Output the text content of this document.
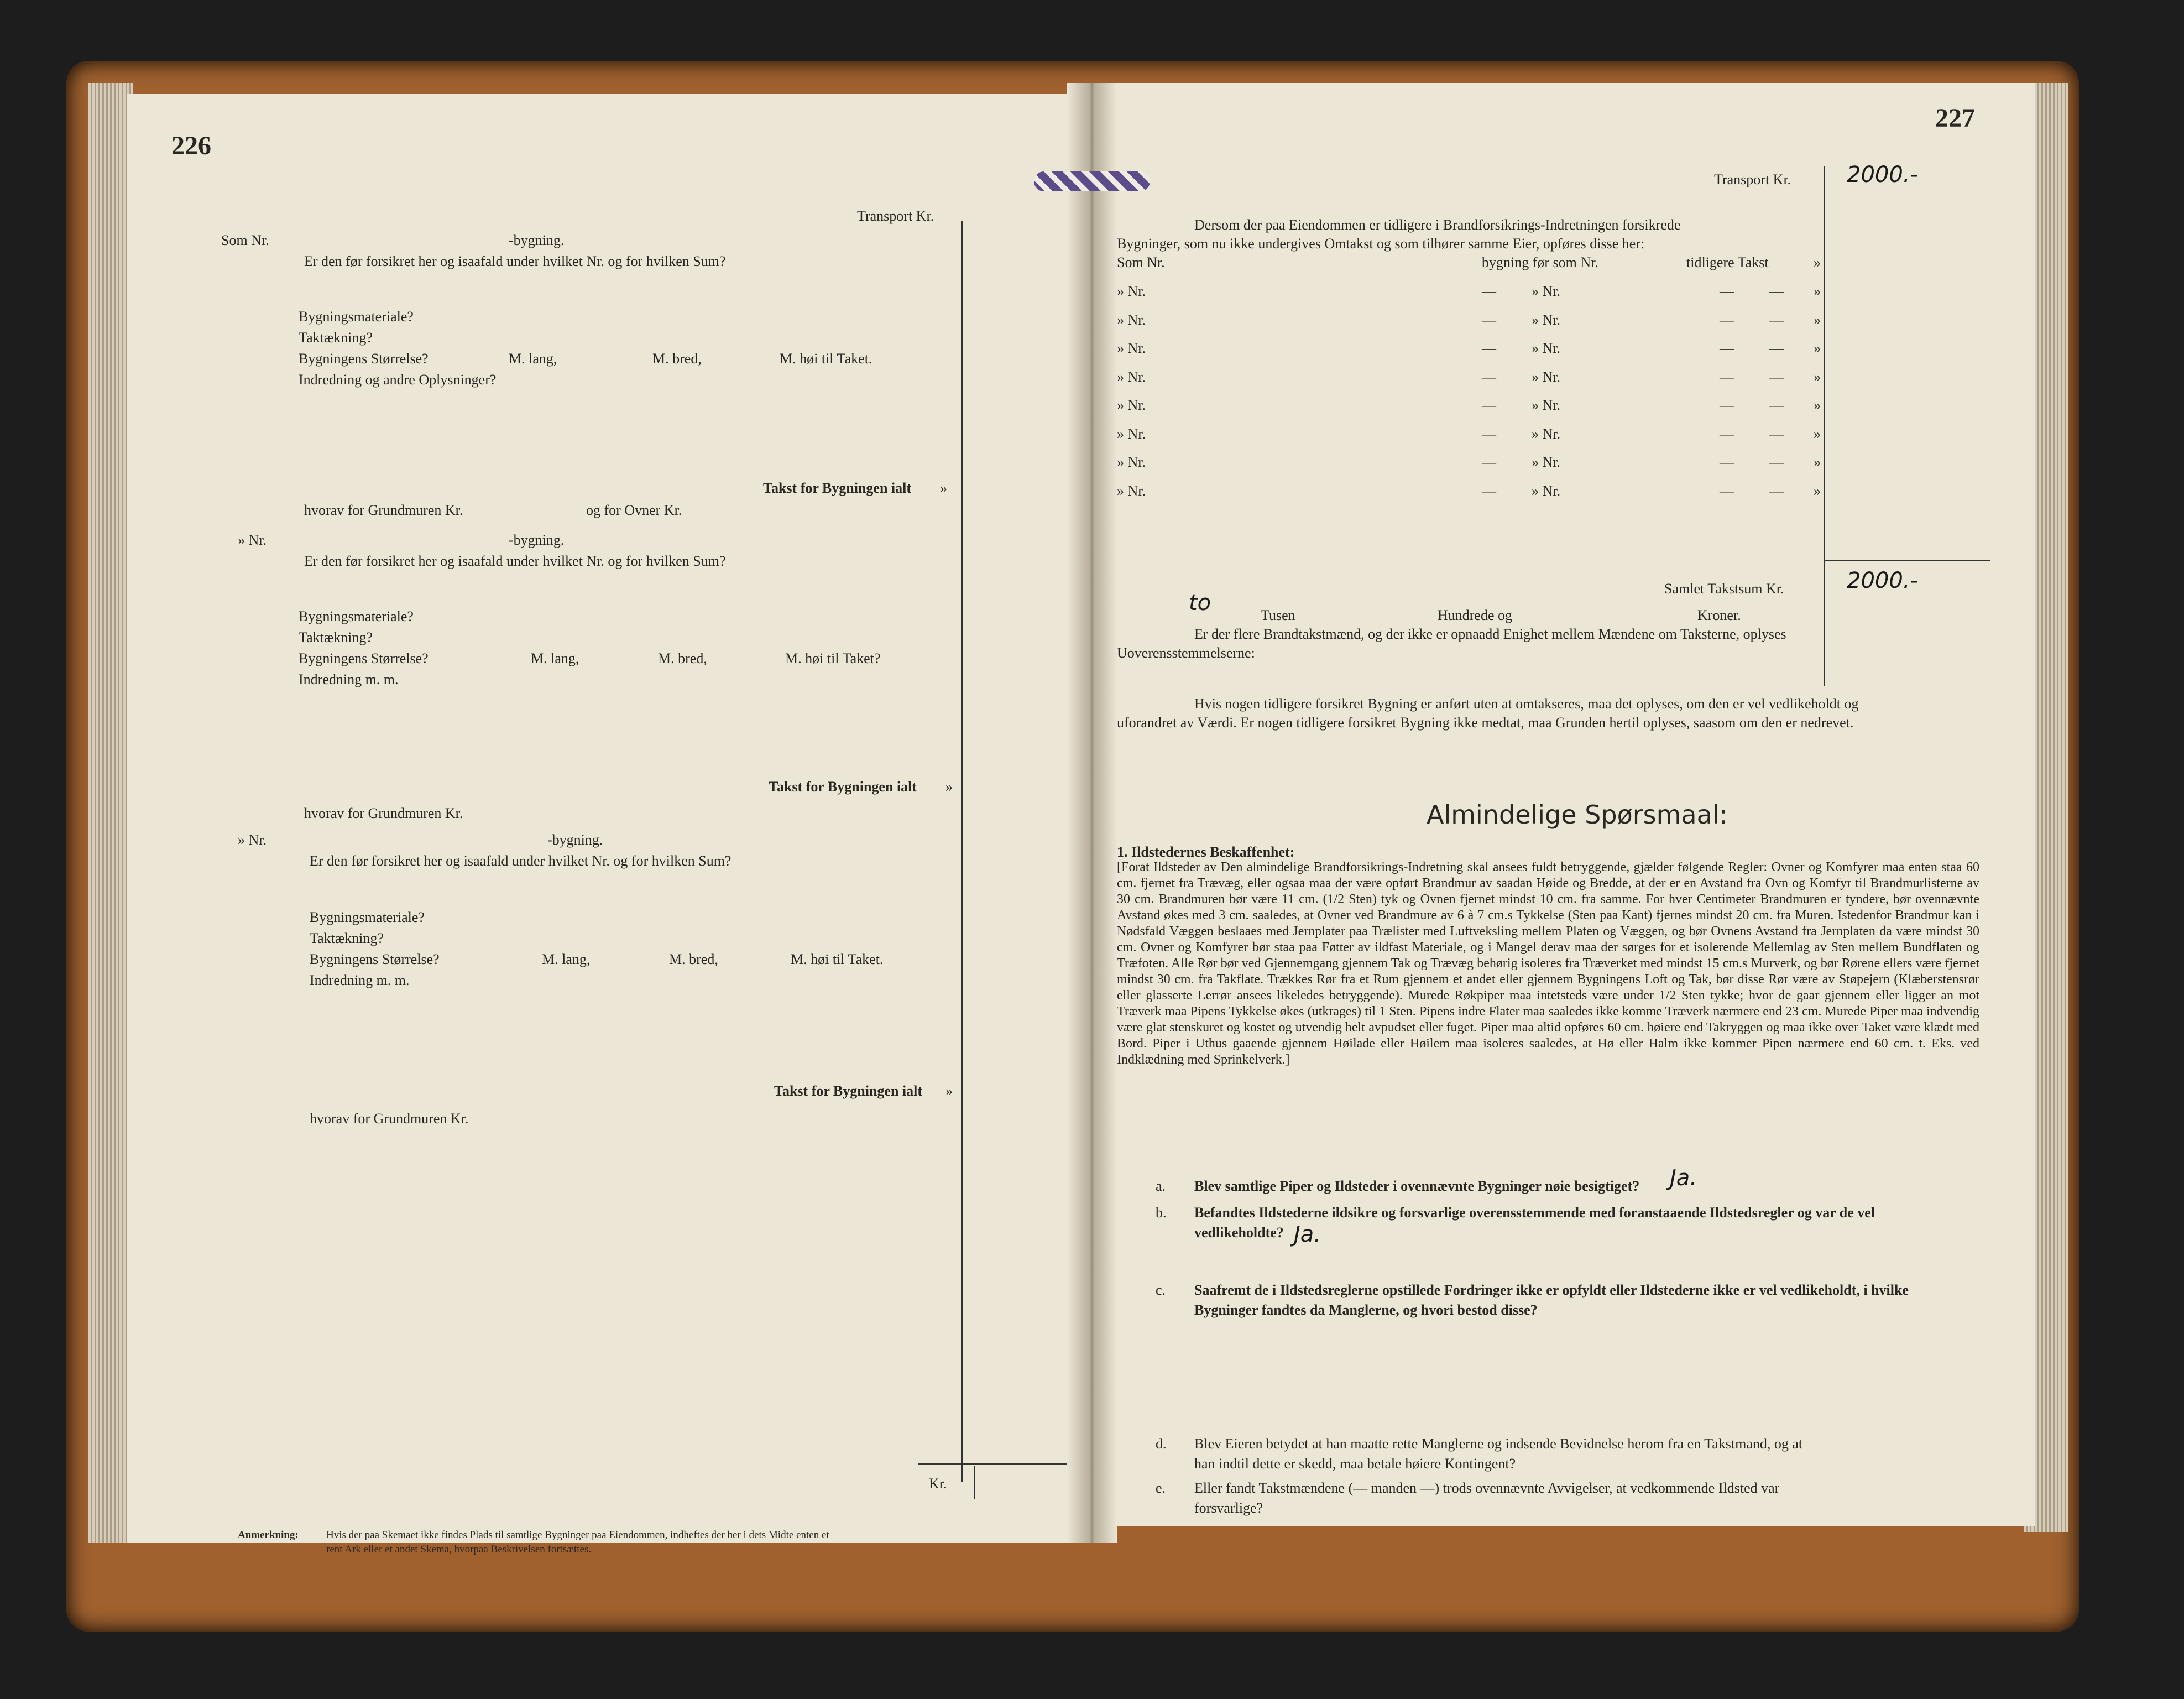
226
Transport Kr.
Som Nr.	-bygning.
Er den før forsikret her og isaafald under hvilket Nr. og for hvilken Sum?
Bygningsmateriale?
Taktækning?
Bygningens Størrelse?	M. lang,	M. bred,	M. høi til Taket.
Indredning og andre Oplysninger?
Takst for Bygningen ialt »
hvorav for Grundmuren Kr.	og for Ovner Kr.
» Nr.	-bygning.
Er den før forsikret her og isaafald under hvilket Nr. og for hvilken Sum?
Bygningsmateriale?
Taktækning?
Bygningens Størrelse?	M. lang,	M. bred,	M. høi til Taket?
Indredning m. m.
Takst for Bygningen ialt »
hvorav for Grundmuren Kr.
» Nr.	-bygning.
Er den før forsikret her og isaafald under hvilket Nr. og for hvilken Sum?
Bygningsmateriale?
Taktækning?
Bygningens Størrelse?	M. lang,	M. bred,	M. høi til Taket.
Indredning m. m.
Takst for Bygningen ialt »
hvorav for Grundmuren Kr.
Kr.
Anmerkning:	Hvis der paa Skemaet ikke findes Plads til samtlige Bygninger paa Eiendommen, indheftes der her i dets Midte enten et
rent Ark eller et andet Skema, hvorpaa Beskrivelsen fortsættes.
227
Transport Kr.	2000.-
Dersom der paa Eiendommen er tidligere i Brandforsikrings-Indretningen forsikrede
Bygninger, som nu ikke undergives Omtakst og som tilhører samme Eier, opføres disse her:
Som Nr.	bygning før som Nr.	tidligere Takst	»
» Nr.	— » Nr.	— — »
» Nr.	— » Nr.	— — »
» Nr.	— » Nr.	— — »
» Nr.	— » Nr.	— — »
» Nr.	— » Nr.	— — »
» Nr.	— » Nr.	— — »
» Nr.	— » Nr.	— — »
» Nr.	— » Nr.	— — »
Samlet Takstsum Kr.	2000.-
to	Tusen	Hundrede og	Kroner.
Er der flere Brandtakstmænd, og der ikke er opnaadd Enighet mellem Mændene om Taksterne, oplyses
Uoverensstemmelserne:
Hvis nogen tidligere forsikret Bygning er anført uten at omtakseres, maa det oplyses, om den er vel vedlikeholdt og
uforandret av Værdi. Er nogen tidligere forsikret Bygning ikke medtat, maa Grunden hertil oplyses, saasom om den er nedrevet.
Almindelige Spørsmaal:
1. Ildstedernes Beskaffenhet:
[Forat Ildsteder av Den almindelige Brandforsikrings-Indretning skal ansees fuldt betryggende, gjælder følgende Regler: Ovner og Komfyrer maa enten staa 60 cm. fjernet fra Trævæg, eller ogsaa maa der være opført Brandmur av saadan Høide og Bredde, at der er en Avstand fra Ovn og Komfyr til Brandmurlisterne av 30 cm. Brandmuren bør være 11 cm. (1/2 Sten) tyk og Ovnen fjernet mindst 10 cm. fra samme. For hver Centimeter Brandmuren er tyndere, bør ovennævnte Avstand økes med 3 cm. saaledes, at Ovner ved Brandmure av 6 à 7 cm.s Tykkelse (Sten paa Kant) fjernes mindst 20 cm. fra Muren. Istedenfor Brandmur kan i Nødsfald Væggen beslaaes med Jernplater paa Trælister med Luftveksling mellem Platen og Væggen, og bør Ovnens Avstand fra Jernplaten da være mindst 30 cm. Ovner og Komfyrer bør staa paa Føtter av ildfast Materiale, og i Mangel derav maa der sørges for et isolerende Mellemlag av Sten mellem Bundflaten og Træfoten. Alle Rør bør ved Gjennemgang gjennem Tak og Trævæg behørig isoleres fra Træverket med mindst 15 cm.s Murverk, og bør Rørene ellers være fjernet mindst 30 cm. fra Takflate. Trækkes Rør fra et Rum gjennem et andet eller gjennem Bygningens Loft og Tak, bør disse Rør være av Støpejern (Klæberstensrør eller glasserte Lerrør ansees likeledes betryggende). Murede Røkpiper maa intetsteds være under 1/2 Sten tykke; hvor de gaar gjennem eller ligger an mot Træverk maa Pipens Tykkelse økes (utkrages) til 1 Sten. Pipens indre Flater maa saaledes ikke komme Træverk nærmere end 23 cm. Murede Piper maa indvendig være glat stenskuret og kostet og utvendig helt avpudset eller fuget. Piper maa altid opføres 60 cm. høiere end Takryggen og maa ikke over Taket være klædt med Bord. Piper i Uthus gaaende gjennem Høilade eller Høilem maa isoleres saaledes, at Hø eller Halm ikke kommer Pipen nærmere end 60 cm. t. Eks. ved Indklædning med Sprinkelverk.]
a. Blev samtlige Piper og Ildsteder i ovennævnte Bygninger nøie besigtiget? Ja.
b. Befandtes Ildstederne ildsikre og forsvarlige overensstemmende med foranstaaende Ildstedsregler og var de vel
vedlikeholdte? Ja.
c. Saafremt de i Ildstedsreglerne opstillede Fordringer ikke er opfyldt eller Ildstederne ikke er vel vedlikeholdt, i hvilke
Bygninger fandtes da Manglerne, og hvori bestod disse?
d. Blev Eieren betydet at han maatte rette Manglerne og indsende Bevidnelse herom fra en Takstmand, og at
han indtil dette er skedd, maa betale høiere Kontingent?
e. Eller fandt Takstmændene (— manden —) trods ovennævnte Avvigelser, at vedkommende Ildsted var
forsvarlige?
